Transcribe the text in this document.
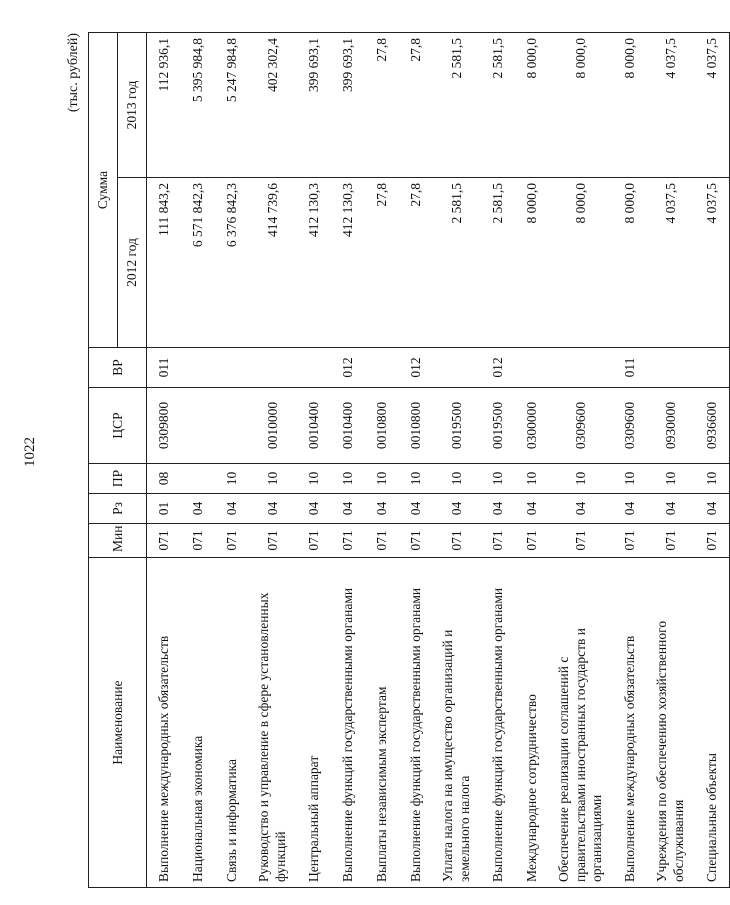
1022
(тыс. рублей)
Наименование	Мин	Рз	ПР	ЦСР	ВР	Сумма	
						2012 год	2013 год
Выполнение международных обязательств	071	01	08	0309800	011	111 843,2	112 936,1
Национальная экономика	071	04				6 571 842,3	5 395 984,8
Связь и информатика	071	04	10			6 376 842,3	5 247 984,8
Руководство и управление в сфере установленных функций	071	04	10	0010000		414 739,6	402 302,4
Центральный аппарат	071	04	10	0010400		412 130,3	399 693,1
Выполнение функций государственными органами	071	04	10	0010400	012	412 130,3	399 693,1
Выплаты независимым экспертам	071	04	10	0010800		27,8	27,8
Выполнение функций государственными органами	071	04	10	0010800	012	27,8	27,8
Уплата налога на имущество организаций и земельного налога	071	04	10	0019500		2 581,5	2 581,5
Выполнение функций государственными органами	071	04	10	0019500	012	2 581,5	2 581,5
Международное сотрудничество	071	04	10	0300000		8 000,0	8 000,0
Обеспечение реализации соглашений с правительствами иностранных государств и организациями	071	04	10	0309600		8 000,0	8 000,0
Выполнение международных обязательств	071	04	10	0309600	011	8 000,0	8 000,0
Учреждения по обеспечению хозяйственного обслуживания	071	04	10	0930000		4 037,5	4 037,5
Специальные объекты	071	04	10	0936600		4 037,5	4 037,5
